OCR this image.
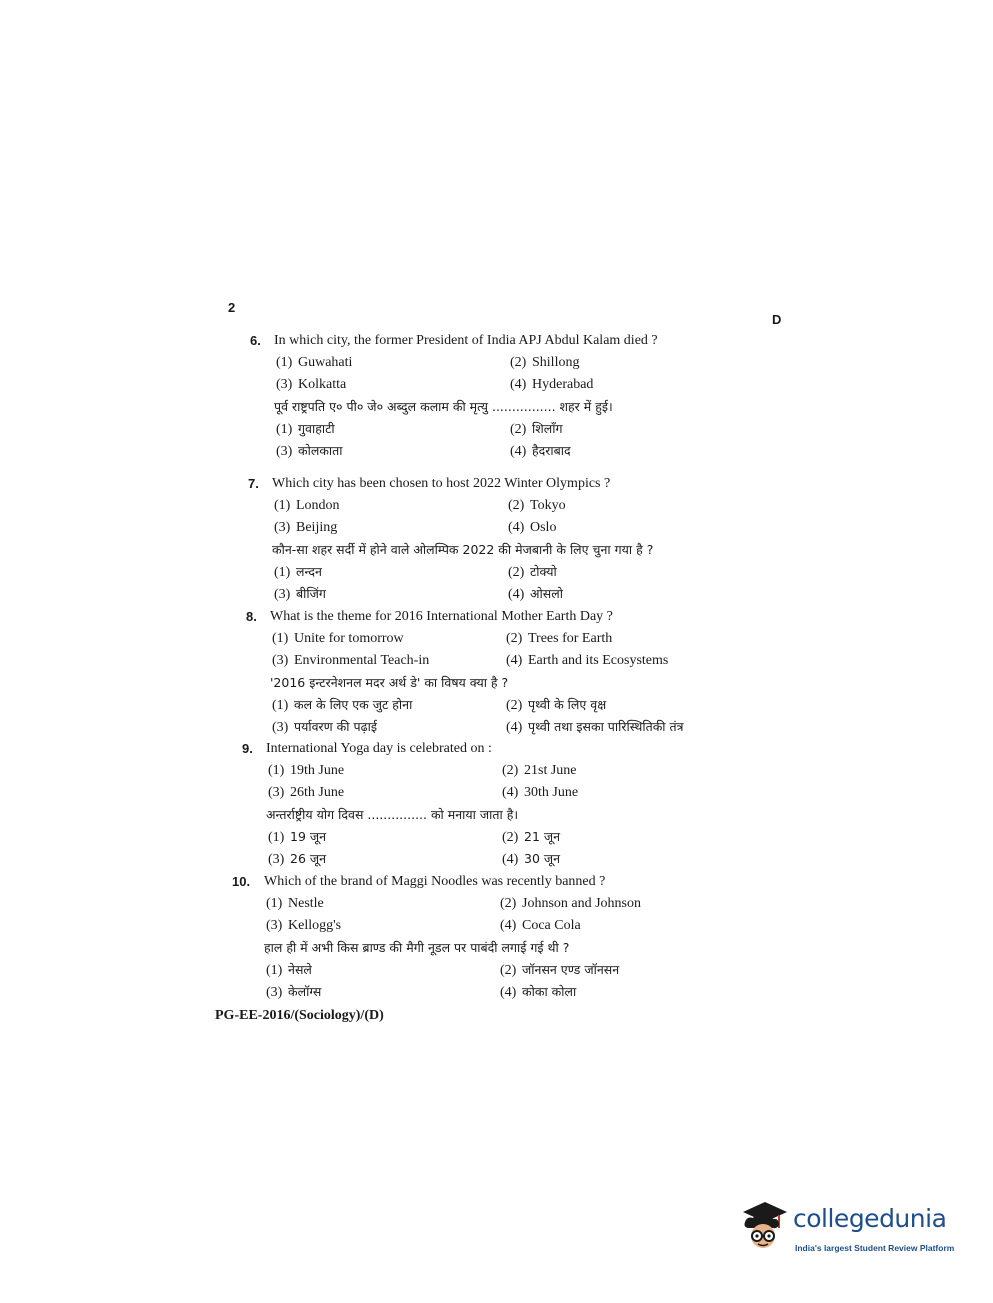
2
D
6. In which city, the former President of India APJ Abdul Kalam died ?
(1) Guwahati	(2) Shillong
(3) Kolkatta	(4) Hyderabad
पूर्व राष्ट्रपति ए० पी० जे० अब्दुल कलाम की मृत्यु ................ शहर में हुई।
(1) गुवाहाटी	(2) शिलाँग
(3) कोलकाता	(4) हैदराबाद
7. Which city has been chosen to host 2022 Winter Olympics ?
(1) London	(2) Tokyo
(3) Beijing	(4) Oslo
कौन-सा शहर सर्दी में होने वाले ओलम्पिक 2022 की मेजबानी के लिए चुना गया है ?
(1) लन्दन	(2) टोक्यो
(3) बीजिंग	(4) ओसलो
8. What is the theme for 2016 International Mother Earth Day ?
(1) Unite for tomorrow	(2) Trees for Earth
(3) Environmental Teach-in	(4) Earth and its Ecosystems
'2016 इन्टरनेशनल मदर अर्थ डे' का विषय क्या है ?
(1) कल के लिए एक जुट होना	(2) पृथ्वी के लिए वृक्ष
(3) पर्यावरण की पढ़ाई	(4) पृथ्वी तथा इसका पारिस्थितिकी तंत्र
9. International Yoga day is celebrated on :
(1) 19th June	(2) 21st June
(3) 26th June	(4) 30th June
अन्तर्राष्ट्रीय योग दिवस ............... को मनाया जाता है।
(1) 19 जून	(2) 21 जून
(3) 26 जून	(4) 30 जून
10. Which of the brand of Maggi Noodles was recently banned ?
(1) Nestle	(2) Johnson and Johnson
(3) Kellogg's	(4) Coca Cola
हाल ही में अभी किस ब्राण्ड की मैगी नूडल पर पाबंदी लगाई गई थी ?
(1) नेसले	(2) जॉनसन एण्ड जॉनसन
(3) केलॉग्स	(4) कोका कोला
PG-EE-2016/(Sociology)/(D)
collegedunia
India's largest Student Review Platform
